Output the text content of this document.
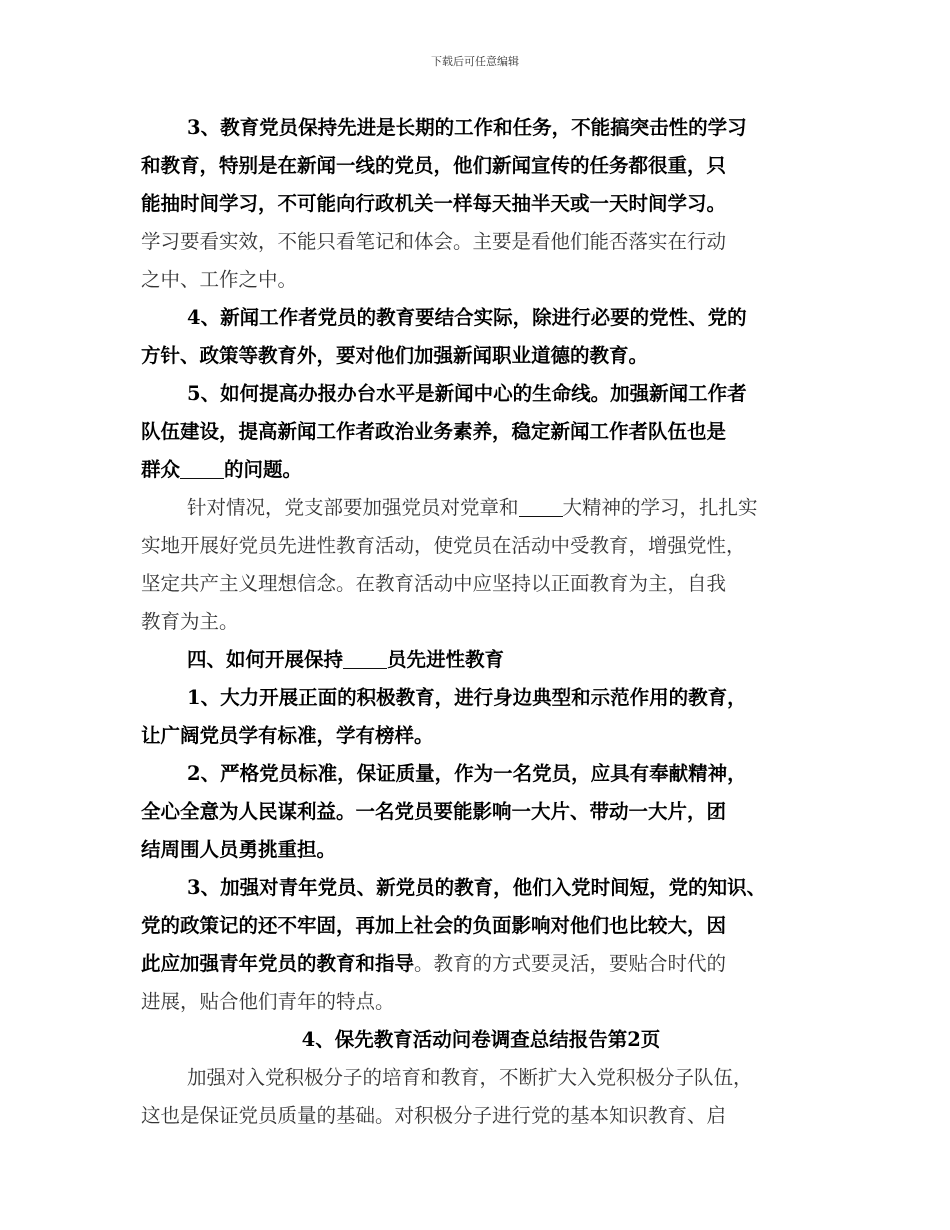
下载后可任意编辑
3、教育党员保持先进是长期的工作和任务，不能搞突击性的学习
和教育，特别是在新闻一线的党员，他们新闻宣传的任务都很重，只
能抽时间学习，不可能向行政机关一样每天抽半天或一天时间学习。
学习要看实效，不能只看笔记和体会。主要是看他们能否落实在行动
之中、工作之中。
4、新闻工作者党员的教育要结合实际，除进行必要的党性、党的
方针、政策等教育外，要对他们加强新闻职业道德的教育。
5、如何提高办报办台水平是新闻中心的生命线。加强新闻工作者
队伍建设，提高新闻工作者政治业务素养，稳定新闻工作者队伍也是
群众 的问题。
针对情况，党支部要加强党员对党章和 大精神的学习，扎扎实
实地开展好党员先进性教育活动，使党员在活动中受教育，增强党性，
坚定共产主义理想信念。在教育活动中应坚持以正面教育为主，自我
教育为主。
四、如何开展保持 员先进性教育
1、大力开展正面的积极教育，进行身边典型和示范作用的教育，
让广阔党员学有标准，学有榜样。
2、严格党员标准，保证质量，作为一名党员，应具有奉献精神，
全心全意为人民谋利益。一名党员要能影响一大片、带动一大片，团
结周围人员勇挑重担。
3、加强对青年党员、新党员的教育，他们入党时间短，党的知识、
党的政策记的还不牢固，再加上社会的负面影响对他们也比较大，因
此应加强青年党员的教育和指导。教育的方式要灵活，要贴合时代的
进展，贴合他们青年的特点。
4、保先教育活动问卷调查总结报告第2页
加强对入党积极分子的培育和教育，不断扩大入党积极分子队伍，
这也是保证党员质量的基础。对积极分子进行党的基本知识教育、启
